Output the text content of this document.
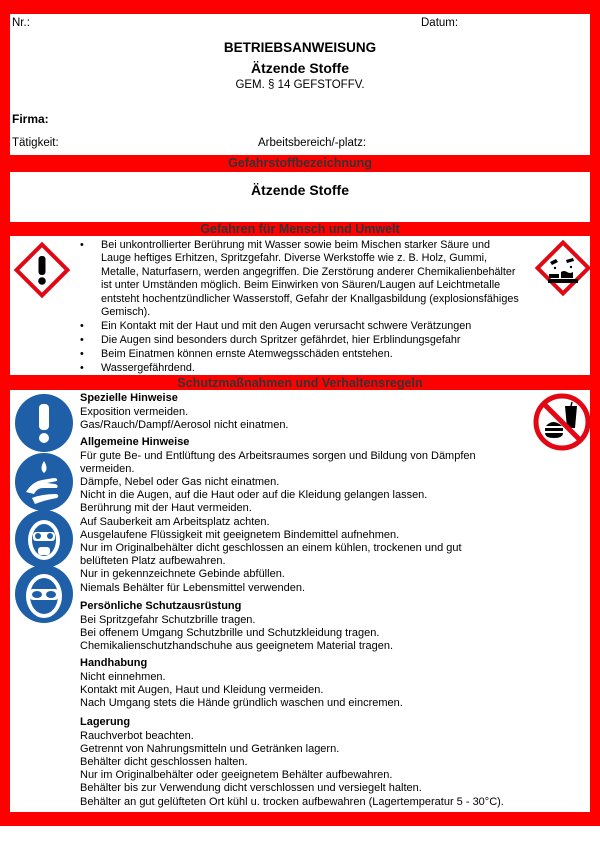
Nr.:	Datum:
BETRIEBSANWEISUNG
Ätzende Stoffe
GEM. § 14 GEFSTOFFV.
Firma:
Tätigkeit:	Arbeitsbereich/-platz:
Gefahrstoffbezeichnung
Ätzende Stoffe
Gefahren für Mensch und Umwelt
• Bei unkontrollierter Berührung mit Wasser sowie beim Mischen starker Säure und Lauge heftiges Erhitzen, Spritzgefahr. Diverse Werkstoffe wie z. B. Holz, Gummi, Metalle, Naturfasern, werden angegriffen. Die Zerstörung anderer Chemikalienbehälter ist unter Umständen möglich. Beim Einwirken von Säuren/Laugen auf Leichtmetalle entsteht hochentzündlicher Wasserstoff, Gefahr der Knallgasbildung (explosionsfähiges Gemisch).
• Ein Kontakt mit der Haut und mit den Augen verursacht schwere Verätzungen
• Die Augen sind besonders durch Spritzer gefährdet, hier Erblindungsgefahr
• Beim Einatmen können ernste Atemwegsschäden entstehen.
• Wassergefährdend.
Schutzmaßnahmen und Verhaltensregeln
Spezielle Hinweise
Exposition vermeiden.
Gas/Rauch/Dampf/Aerosol nicht einatmen.
Allgemeine Hinweise
Für gute Be- und Entlüftung des Arbeitsraumes sorgen und Bildung von Dämpfen
vermeiden.
Dämpfe, Nebel oder Gas nicht einatmen.
Nicht in die Augen, auf die Haut oder auf die Kleidung gelangen lassen.
Berührung mit der Haut vermeiden.
Auf Sauberkeit am Arbeitsplatz achten.
Ausgelaufene Flüssigkeit mit geeignetem Bindemittel aufnehmen.
Nur im Originalbehälter dicht geschlossen an einem kühlen, trockenen und gut
belüfteten Platz aufbewahren.
Nur in gekennzeichnete Gebinde abfüllen.
Niemals Behälter für Lebensmittel verwenden.
Persönliche Schutzausrüstung
Bei Spritzgefahr Schutzbrille tragen.
Bei offenem Umgang Schutzbrille und Schutzkleidung tragen.
Chemikalienschutzhandschuhe aus geeignetem Material tragen.
Handhabung
Nicht einnehmen.
Kontakt mit Augen, Haut und Kleidung vermeiden.
Nach Umgang stets die Hände gründlich waschen und eincremen.
Lagerung
Rauchverbot beachten.
Getrennt von Nahrungsmitteln und Getränken lagern.
Behälter dicht geschlossen halten.
Nur im Originalbehälter oder geeignetem Behälter aufbewahren.
Behälter bis zur Verwendung dicht verschlossen und versiegelt halten.
Behälter an gut gelüfteten Ort kühl u. trocken aufbewahren (Lagertemperatur 5 - 30°C).
